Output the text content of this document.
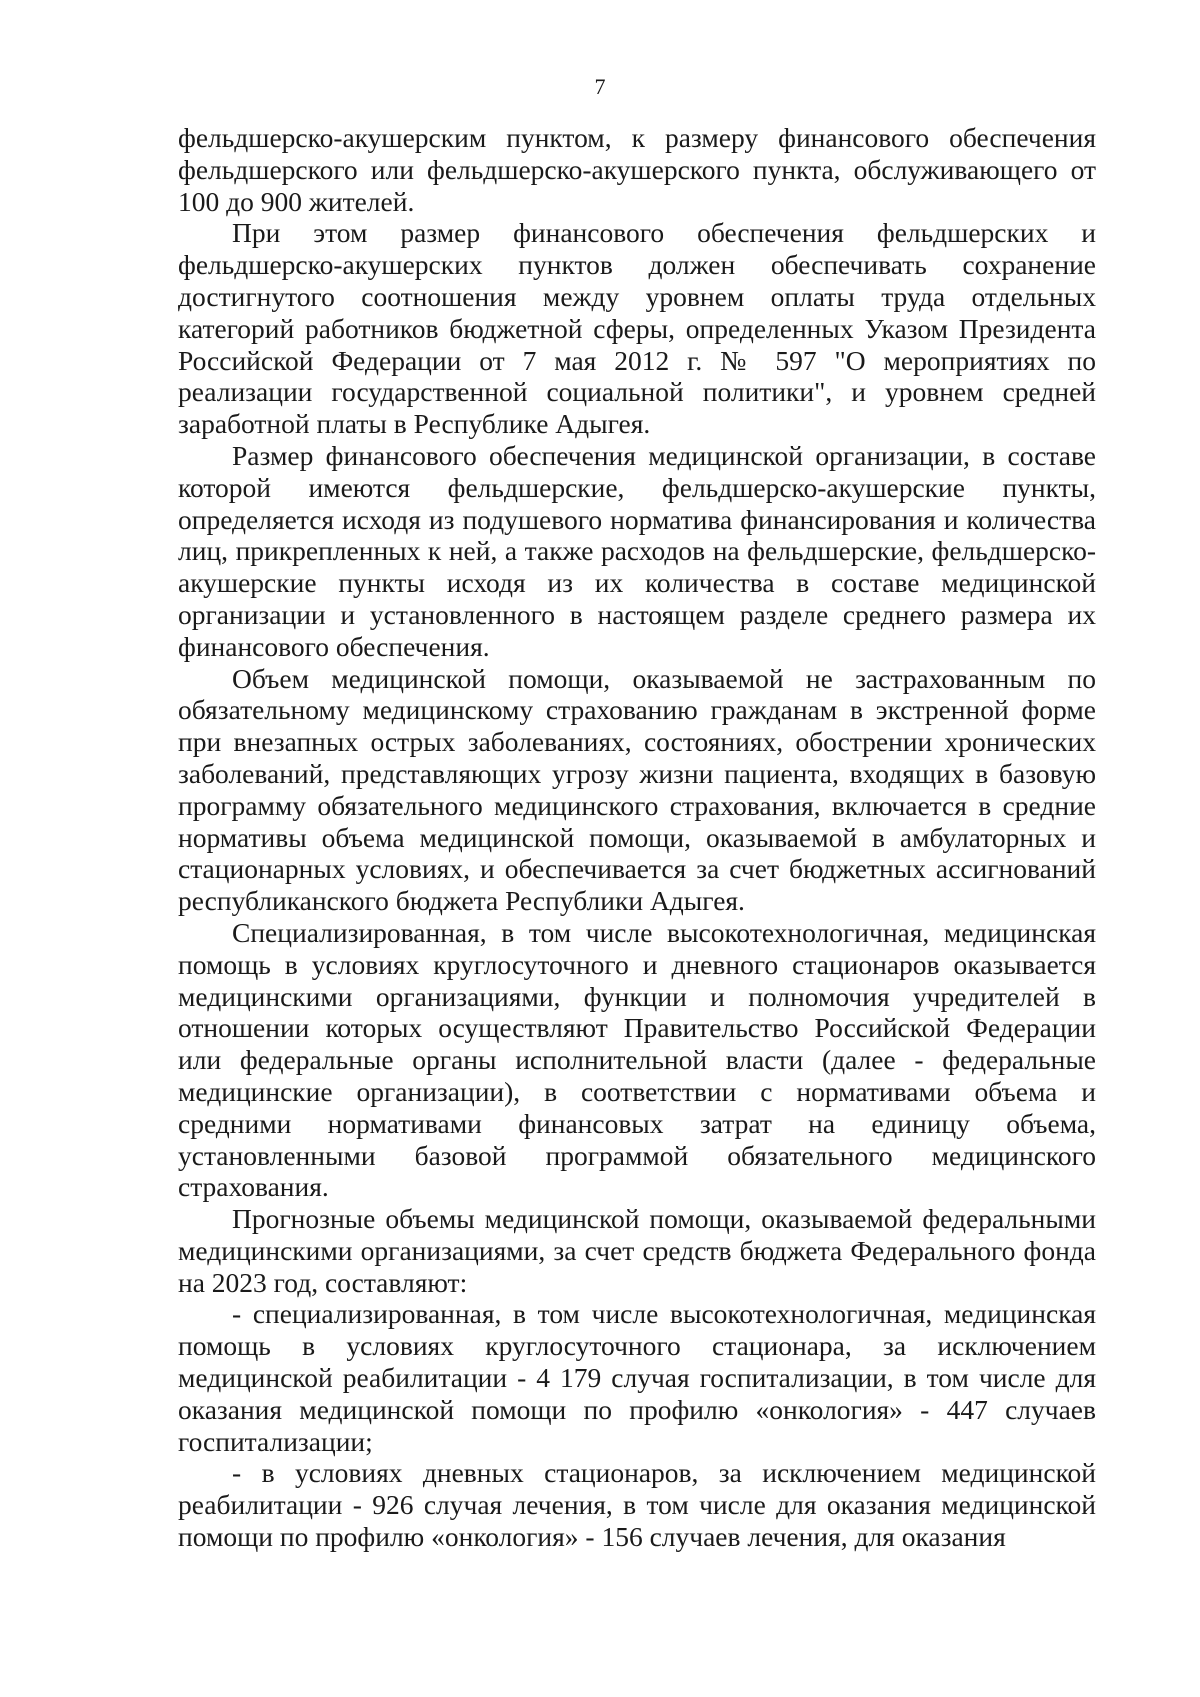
7

фельдшерско-акушерским пунктом, к размеру финансового обеспечения фельдшерского или фельдшерско-акушерского пункта, обслуживающего от 100 до 900 жителей.

При этом размер финансового обеспечения фельдшерских и фельдшерско-акушерских пунктов должен обеспечивать сохранение достигнутого соотношения между уровнем оплаты труда отдельных категорий работников бюджетной сферы, определенных Указом Президента Российской Федерации от 7 мая 2012 г. № 597 "О мероприятиях по реализации государственной социальной политики", и уровнем средней заработной платы в Республике Адыгея.

Размер финансового обеспечения медицинской организации, в составе которой имеются фельдшерские, фельдшерско-акушерские пункты, определяется исходя из подушевого норматива финансирования и количества лиц, прикрепленных к ней, а также расходов на фельдшерские, фельдшерско-акушерские пункты исходя из их количества в составе медицинской организации и установленного в настоящем разделе среднего размера их финансового обеспечения.

Объем медицинской помощи, оказываемой не застрахованным по обязательному медицинскому страхованию гражданам в экстренной форме при внезапных острых заболеваниях, состояниях, обострении хронических заболеваний, представляющих угрозу жизни пациента, входящих в базовую программу обязательного медицинского страхования, включается в средние нормативы объема медицинской помощи, оказываемой в амбулаторных и стационарных условиях, и обеспечивается за счет бюджетных ассигнований республиканского бюджета Республики Адыгея.

Специализированная, в том числе высокотехнологичная, медицинская помощь в условиях круглосуточного и дневного стационаров оказывается медицинскими организациями, функции и полномочия учредителей в отношении которых осуществляют Правительство Российской Федерации или федеральные органы исполнительной власти (далее - федеральные медицинские организации), в соответствии с нормативами объема и средними нормативами финансовых затрат на единицу объема, установленными базовой программой обязательного медицинского страхования.

Прогнозные объемы медицинской помощи, оказываемой федеральными медицинскими организациями, за счет средств бюджета Федерального фонда на 2023 год, составляют:

- специализированная, в том числе высокотехнологичная, медицинская помощь в условиях круглосуточного стационара, за исключением медицинской реабилитации - 4 179 случая госпитализации, в том числе для оказания медицинской помощи по профилю «онкология» - 447 случаев госпитализации;

- в условиях дневных стационаров, за исключением медицинской реабилитации - 926 случая лечения, в том числе для оказания медицинской помощи по профилю «онкология» - 156 случаев лечения, для оказания
